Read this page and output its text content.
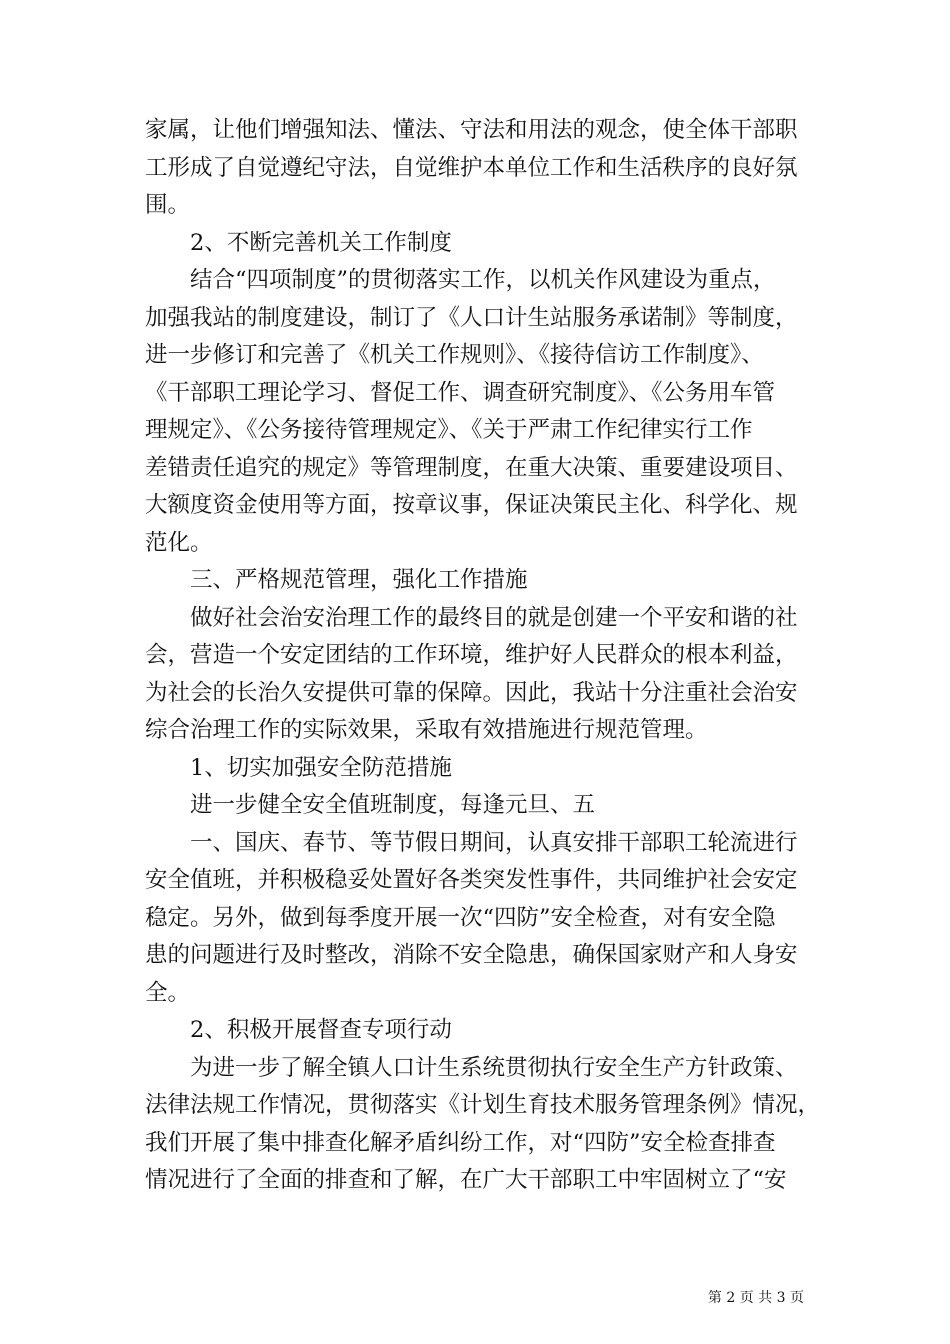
家属，让他们增强知法、懂法、守法和用法的观念，使全体干部职
工形成了自觉遵纪守法，自觉维护本单位工作和生活秩序的良好氛
围。
2、不断完善机关工作制度
结合“四项制度”的贯彻落实工作，以机关作风建设为重点，
加强我站的制度建设，制订了《人口计生站服务承诺制》等制度，
进一步修订和完善了《机关工作规则》、《接待信访工作制度》、
《干部职工理论学习、督促工作、调查研究制度》、《公务用车管
理规定》、《公务接待管理规定》、《关于严肃工作纪律实行工作
差错责任追究的规定》等管理制度，在重大决策、重要建设项目、
大额度资金使用等方面，按章议事，保证决策民主化、科学化、规
范化。
三、严格规范管理，强化工作措施
做好社会治安治理工作的最终目的就是创建一个平安和谐的社
会，营造一个安定团结的工作环境，维护好人民群众的根本利益，
为社会的长治久安提供可靠的保障。因此，我站十分注重社会治安
综合治理工作的实际效果，采取有效措施进行规范管理。
1、切实加强安全防范措施
进一步健全安全值班制度，每逢元旦、五
一、国庆、春节、等节假日期间，认真安排干部职工轮流进行
安全值班，并积极稳妥处置好各类突发性事件，共同维护社会安定
稳定。另外，做到每季度开展一次“四防”安全检查，对有安全隐
患的问题进行及时整改，消除不安全隐患，确保国家财产和人身安
全。
2、积极开展督查专项行动
为进一步了解全镇人口计生系统贯彻执行安全生产方针政策、
法律法规工作情况，贯彻落实《计划生育技术服务管理条例》情况，
我们开展了集中排查化解矛盾纠纷工作，对“四防”安全检查排查
情况进行了全面的排查和了解，在广大干部职工中牢固树立了“安
第 2 页 共 3 页
